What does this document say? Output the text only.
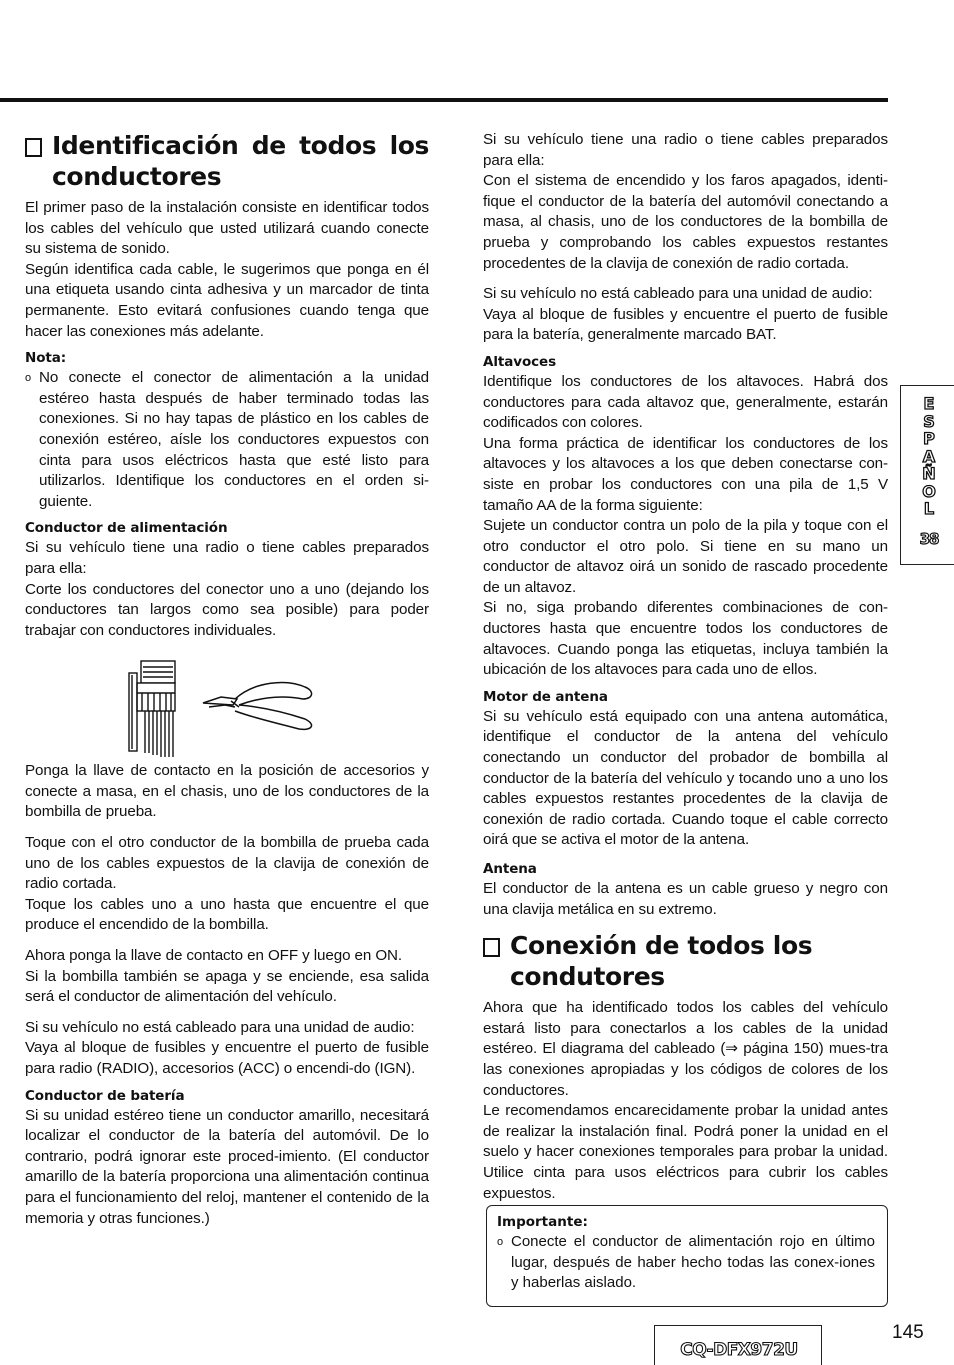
Identificación de todos los conductores

El primer paso de la instalación consiste en identificar todos los cables del vehículo que usted utilizará cuando conecte su sistema de sonido.

Según identifica cada cable, le sugerimos que ponga en él una etiqueta usando cinta adhesiva y un marcador de tinta permanente. Esto evitará confusiones cuando tenga que hacer las conexiones más adelante.

Nota:
o No conecte el conector de alimentación a la unidad estéreo hasta después de haber terminado todas las conexiones. Si no hay tapas de plástico en los cables de conexión estéreo, aísle los conductores expuestos con cinta para usos eléctricos hasta que esté listo para utilizarlos. Identifique los conductores en el orden si-guiente.
Conductor de alimentación

Si su vehículo tiene una radio o tiene cables preparados para ella:

Corte los conductores del conector uno a uno (dejando los conductores tan largos como sea posible) para poder trabajar con conductores individuales.

Ponga la llave de contacto en la posición de accesorios y conecte a masa, en el chasis, uno de los conductores de la bombilla de prueba.

Toque con el otro conductor de la bombilla de prueba cada uno de los cables expuestos de la clavija de conexión de radio cortada.

Toque los cables uno a uno hasta que encuentre el que produce el encendido de la bombilla.

Ahora ponga la llave de contacto en OFF y luego en ON.

Si la bombilla también se apaga y se enciende, esa salida será el conductor de alimentación del vehículo.

Si su vehículo no está cableado para una unidad de audio:

Vaya al bloque de fusibles y encuentre el puerto de fusible para radio (RADIO), accesorios (ACC) o encendi-do (IGN).

Conductor de batería

Si su unidad estéreo tiene un conductor amarillo, necesitará localizar el conductor de la batería del automóvil. De lo contrario, podrá ignorar este proced-imiento. (El conductor amarillo de la batería proporciona una alimentación continua para el funcionamiento del reloj, mantener el contenido de la memoria y otras funciones.)

Si su vehículo tiene una radio o tiene cables preparados para ella:

Con el sistema de encendido y los faros apagados, identi-fique el conductor de la batería del automóvil conectando a masa, al chasis, uno de los conductores de la bombilla de prueba y comprobando los cables expuestos restantes procedentes de la clavija de conexión de radio cortada.

Si su vehículo no está cableado para una unidad de audio:

Vaya al bloque de fusibles y encuentre el puerto de fusible para la batería, generalmente marcado BAT.

Altavoces

Identifique los conductores de los altavoces. Habrá dos conductores para cada altavoz que, generalmente, estarán codificados con colores.

Una forma práctica de identificar los conductores de los altavoces y los altavoces a los que deben conectarse con-siste en probar los conductores con una pila de 1,5 V tamaño AA de la forma siguiente:

Sujete un conductor contra un polo de la pila y toque con el otro conductor el otro polo. Si tiene en su mano un conductor de altavoz oirá un sonido de rascado procedente de un altavoz.

Si no, siga probando diferentes combinaciones de con-ductores hasta que encuentre todos los conductores de altavoces. Cuando ponga las etiquetas, incluya también la ubicación de los altavoces para cada uno de ellos.

Motor de antena

Si su vehículo está equipado con una antena automática, identifique el conductor de la antena del vehículo conectando un conductor del probador de bombilla al conductor de la batería del vehículo y tocando uno a uno los cables expuestos restantes procedentes de la clavija de conexión de radio cortada. Cuando toque el cable correcto oirá que se activa el motor de la antena.

Antena

El conductor de la antena es un cable grueso y negro con una clavija metálica en su extremo.

Conexión de todos los condutores

Ahora que ha identificado todos los cables del vehículo estará listo para conectarlos a los cables de la unidad estéreo. El diagrama del cableado (⇒ página 150) mues-tra las conexiones apropiadas y los códigos de colores de los conductores.

Le recomendamos encarecidamente probar la unidad antes de realizar la instalación final. Podrá poner la unidad en el suelo y hacer conexiones temporales para probar la unidad. Utilice cinta para usos eléctricos para cubrir los cables expuestos.

Importante:
o Conecte el conductor de alimentación rojo en último lugar, después de haber hecho todas las conex-iones y haberlas aislado.
E
S
P
A
Ñ
O
L
38
CQ-DFX972U
145
